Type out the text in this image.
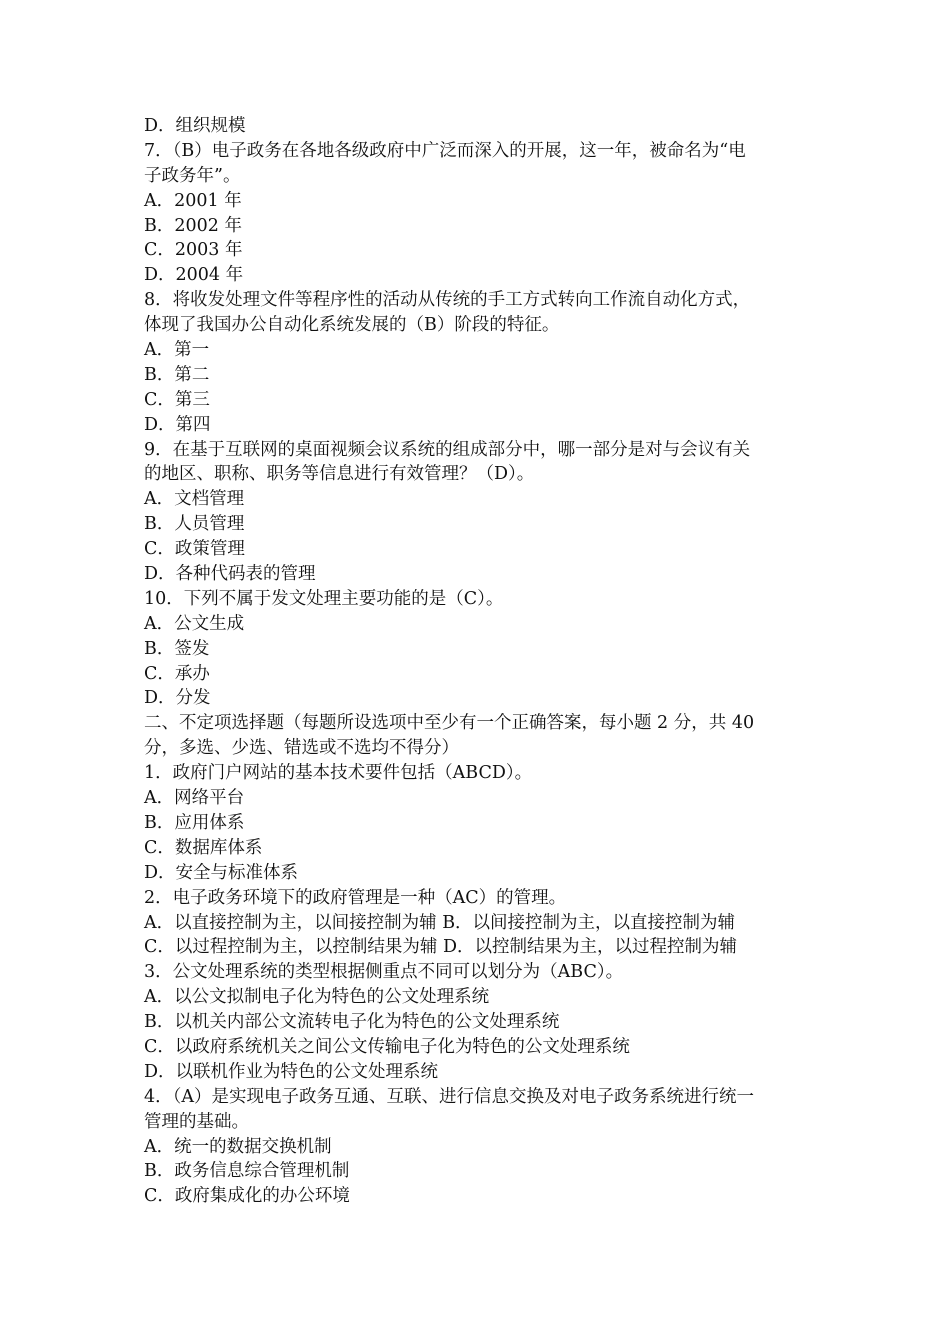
D．组织规模
7．（B）电子政务在各地各级政府中广泛而深入的开展，这一年，被命名为“电
子政务年”。
A．2001 年
B．2002 年
C．2003 年
D．2004 年
8．将收发处理文件等程序性的活动从传统的手工方式转向工作流自动化方式，
体现了我国办公自动化系统发展的（B）阶段的特征。
A．第一
B．第二
C．第三
D．第四
9．在基于互联网的桌面视频会议系统的组成部分中，哪一部分是对与会议有关
的地区、职称、职务等信息进行有效管理？（D）。
A．文档管理
B．人员管理
C．政策管理
D．各种代码表的管理
10．下列不属于发文处理主要功能的是（C）。
A．公文生成
B．签发
C．承办
D．分发
二、不定项选择题（每题所设选项中至少有一个正确答案，每小题 2 分，共 40
分，多选、少选、错选或不选均不得分）
1．政府门户网站的基本技术要件包括（ABCD）。
A．网络平台
B．应用体系
C．数据库体系
D．安全与标准体系
2．电子政务环境下的政府管理是一种（AC）的管理。
A．以直接控制为主，以间接控制为辅 B．以间接控制为主，以直接控制为辅
C．以过程控制为主，以控制结果为辅 D．以控制结果为主，以过程控制为辅
3．公文处理系统的类型根据侧重点不同可以划分为（ABC）。
A．以公文拟制电子化为特色的公文处理系统
B．以机关内部公文流转电子化为特色的公文处理系统
C．以政府系统机关之间公文传输电子化为特色的公文处理系统
D．以联机作业为特色的公文处理系统
4．（A）是实现电子政务互通、互联、进行信息交换及对电子政务系统进行统一
管理的基础。
A．统一的数据交换机制
B．政务信息综合管理机制
C．政府集成化的办公环境
